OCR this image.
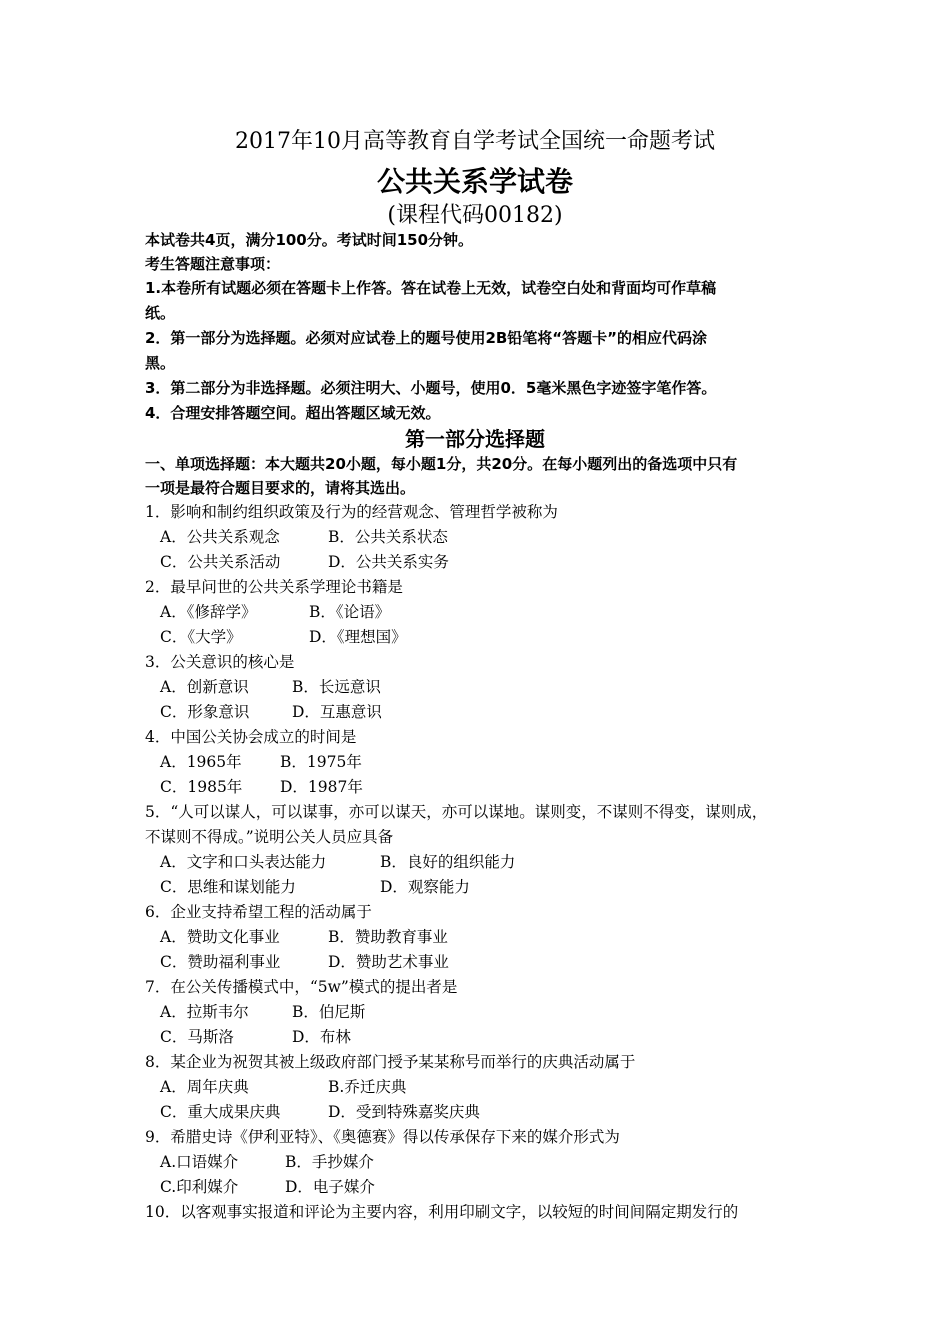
2017年10月高等教育自学考试全国统一命题考试
公共关系学试卷
(课程代码00182)
本试卷共4页，满分100分。考试时间150分钟。
考生答题注意事项：
1.本卷所有试题必须在答题卡上作答。答在试卷上无效，试卷空白处和背面均可作草稿
纸。
2．第一部分为选择题。必须对应试卷上的题号使用2B铅笔将“答题卡”的相应代码涂
黑。
3．第二部分为非选择题。必须注明大、小题号，使用0．5毫米黑色字迹签字笔作答。
4．合理安排答题空间。超出答题区域无效。
第一部分选择题
一、单项选择题：本大题共20小题，每小题1分，共20分。在每小题列出的备选项中只有
一项是最符合题目要求的，请将其选出。
1．影响和制约组织政策及行为的经营观念、管理哲学被称为
A．公共关系观念	B．公共关系状态
C．公共关系活动	D．公共关系实务
2．最早问世的公共关系学理论书籍是
A．《修辞学》	B．《论语》
C．《大学》	D．《理想国》
3．公关意识的核心是
A．创新意识	B．长远意识
C．形象意识	D．互惠意识
4．中国公关协会成立的时间是
A．1965年 B．1975年
C．1985年 D．1987年
5．“人可以谋人，可以谋事，亦可以谋天，亦可以谋地。谋则变，不谋则不得变，谋则成，
不谋则不得成。”说明公关人员应具备
A．文字和口头表达能力	B．良好的组织能力
C．思维和谋划能力	D．观察能力
6．企业支持希望工程的活动属于
A．赞助文化事业	B．赞助教育事业
C．赞助福利事业	D．赞助艺术事业
7．在公关传播模式中，“5w”模式的提出者是
A．拉斯韦尔	B．伯尼斯
C．马斯洛	D．布林
8．某企业为祝贺其被上级政府部门授予某某称号而举行的庆典活动属于
A．周年庆典	B.乔迁庆典
C．重大成果庆典	D．受到特殊嘉奖庆典
9．希腊史诗《伊利亚特》、《奥德赛》得以传承保存下来的媒介形式为
A.口语媒介	B．手抄媒介
C.印利媒介	D．电子媒介
10．以客观事实报道和评论为主要内容，利用印刷文字，以较短的时间间隔定期发行的
